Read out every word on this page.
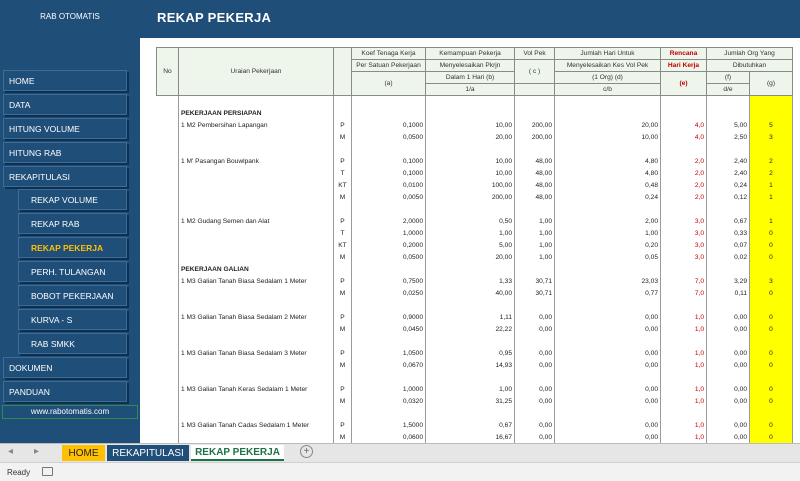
RAB OTOMATIS
HOME
DATA
HITUNG VOLUME
HITUNG RAB
REKAPITULASI
REKAP VOLUME
REKAP RAB
REKAP PEKERJA
PERH. TULANGAN
BOBOT PEKERJAAN
KURVA - S
RAB SMKK
DOKUMEN
PANDUAN
www.rabotomatis.com
REKAP PEKERJA
No	Uraian Pekerjaan		Koef Tenaga Kerja	Kemampuan Pekerja	Vol Pek	Jumlah Hari Untuk	Rencana	Jumlah Org Yang	
			Per Satuan Pekerjaan	Menyelesaikan Pkrjn	( c )	Menyelesaikan Kes Vol Pek	Hari Kerja	Dibutuhkan	
			(a)	Dalam 1 Hari (b)		(1 Org) (d)	(e)	(f)	(g)
				1/a		c/b		d/e	

	PEKERJAAN PERSIAPAN								
	1 M2 Pembersihan Lapangan	P	0,1000	10,00	200,00	20,00	4,0	5,00	5
		M	0,0500	20,00	200,00	10,00	4,0	2,50	3

	1 M' Pasangan Bouwlpank	P	0,1000	10,00	48,00	4,80	2,0	2,40	2
		T	0,1000	10,00	48,00	4,80	2,0	2,40	2
		KT	0,0100	100,00	48,00	0,48	2,0	0,24	1
		M	0,0050	200,00	48,00	0,24	2,0	0,12	1

	1 M2 Gudang Semen dan Alat	P	2,0000	0,50	1,00	2,00	3,0	0,67	1
		T	1,0000	1,00	1,00	1,00	3,0	0,33	0
		KT	0,2000	5,00	1,00	0,20	3,0	0,07	0
		M	0,0500	20,00	1,00	0,05	3,0	0,02	0
	PEKERJAAN GALIAN								
	1 M3 Galian Tanah Biasa Sedalam 1 Meter	P	0,7500	1,33	30,71	23,03	7,0	3,29	3
		M	0,0250	40,00	30,71	0,77	7,0	0,11	0

	1 M3 Galian Tanah Biasa Sedalam 2 Meter	P	0,9000	1,11	0,00	0,00	1,0	0,00	0
		M	0,0450	22,22	0,00	0,00	1,0	0,00	0

	1 M3 Galian Tanah Biasa Sedalam 3 Meter	P	1,0500	0,95	0,00	0,00	1,0	0,00	0
		M	0,0670	14,93	0,00	0,00	1,0	0,00	0

	1 M3 Galian Tanah Keras Sedalam 1 Meter	P	1,0000	1,00	0,00	0,00	1,0	0,00	0
		M	0,0320	31,25	0,00	0,00	1,0	0,00	0

	1 M3 Galian Tanah Cadas Sedalam 1 Meter	P	1,5000	0,67	0,00	0,00	1,0	0,00	0
		M	0,0600	16,67	0,00	0,00	1,0	0,00	0

◂ ▸	HOME	REKAPITULASI	REKAP PEKERJA	+
Ready
